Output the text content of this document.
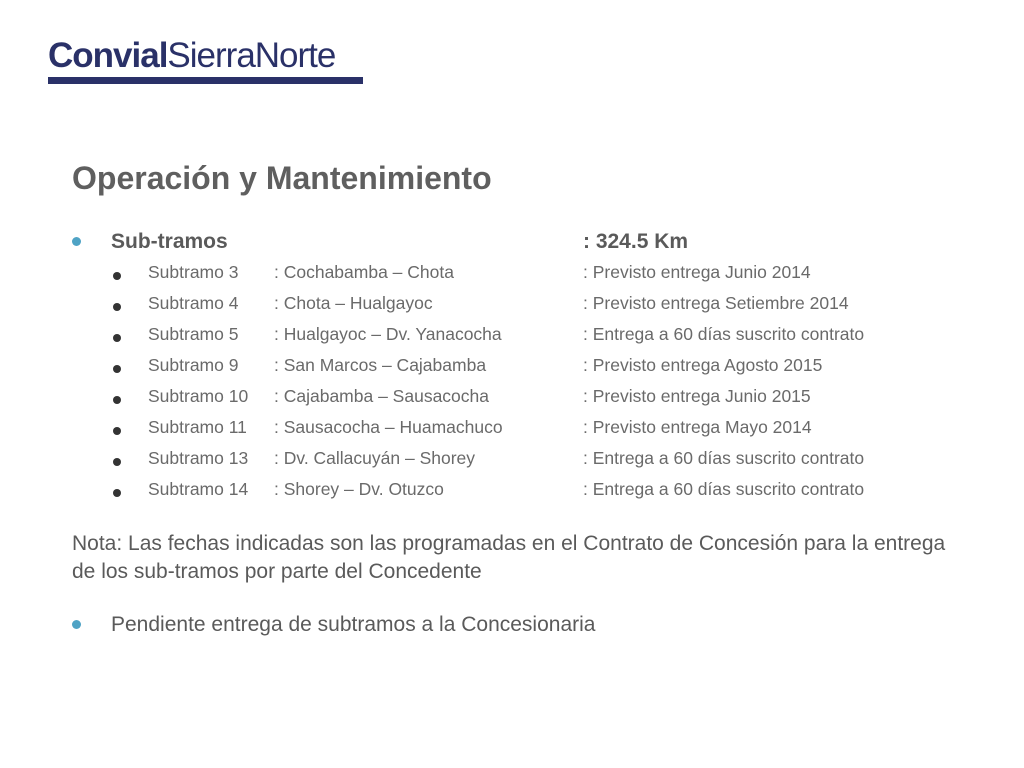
Convial SierraNorte
Operación y Mantenimiento
Sub-tramos	: 324.5 Km
Subtramo 3 : Cochabamba – Chota	: Previsto entrega Junio 2014
Subtramo 4 : Chota – Hualgayoc	: Previsto entrega Setiembre 2014
Subtramo 5 : Hualgayoc – Dv. Yanacocha	: Entrega a 60 días suscrito contrato
Subtramo 9 : San Marcos – Cajabamba	: Previsto entrega Agosto 2015
Subtramo 10 : Cajabamba – Sausacocha	: Previsto entrega Junio 2015
Subtramo 11 : Sausacocha – Huamachuco	: Previsto entrega Mayo 2014
Subtramo 13 : Dv. Callacuyán – Shorey	: Entrega a 60 días suscrito contrato
Subtramo 14 : Shorey – Dv. Otuzco	: Entrega a 60 días suscrito contrato

Nota: Las fechas indicadas son las programadas en el Contrato de Concesión para la entrega de los sub-tramos por parte del Concedente

Pendiente entrega de subtramos a la Concesionaria
